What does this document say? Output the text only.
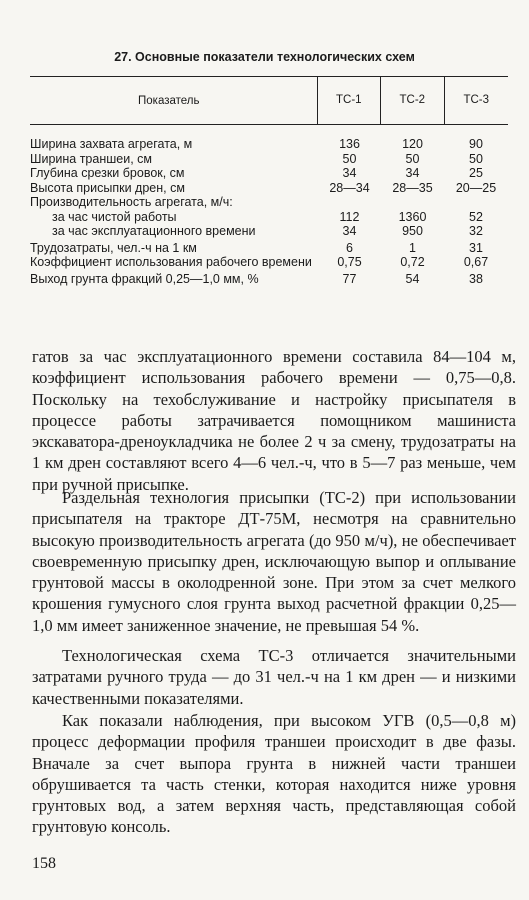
27. Основные показатели технологических схем
Показатель	ТС-1	ТС-2	ТС-3
Ширина захвата агрегата, м	136	120	90
Ширина траншеи, см	50	50	50
Глубина срезки бровок, см	34	34	25
Высота присыпки дрен, см	28—34	28—35	20—25
Производительность агрегата, м/ч:
за час чистой работы	112	1360	52
за час эксплуатационного времени	34	950	32
Трудозатраты, чел.-ч на 1 км	6	1	31
Коэффициент использования рабочего времени	0,75	0,72	0,67
Выход грунта фракций 0,25—1,0 мм, %	77	54	38

гатов за час эксплуатационного времени составила 84—104 м, коэффициент использования рабочего времени — 0,75—0,8. Поскольку на техобслуживание и настройку присыпателя в процессе работы затрачивается помощником машиниста экскаватора-дреноукладчика не более 2 ч за смену, трудозатраты на 1 км дрен составляют всего 4—6 чел.-ч, что в 5—7 раз меньше, чем при ручной присыпке.

Раздельная технология присыпки (ТС-2) при использовании присыпателя на тракторе ДТ-75М, несмотря на сравнительно высокую производительность агрегата (до 950 м/ч), не обеспечивает своевременную присыпку дрен, исключающую выпор и оплывание грунтовой массы в околодренной зоне. При этом за счет мелкого крошения гумусного слоя грунта выход расчетной фракции 0,25—1,0 мм имеет заниженное значение, не превышая 54 %.

Технологическая схема ТС-3 отличается значительными затратами ручного труда — до 31 чел.-ч на 1 км дрен — и низкими качественными показателями.

Как показали наблюдения, при высоком УГВ (0,5—0,8 м) процесс деформации профиля траншеи происходит в две фазы. Вначале за счет выпора грунта в нижней части траншеи обрушивается та часть стенки, которая находится ниже уровня грунтовых вод, а затем верхняя часть, представляющая собой грунтовую консоль.

158
